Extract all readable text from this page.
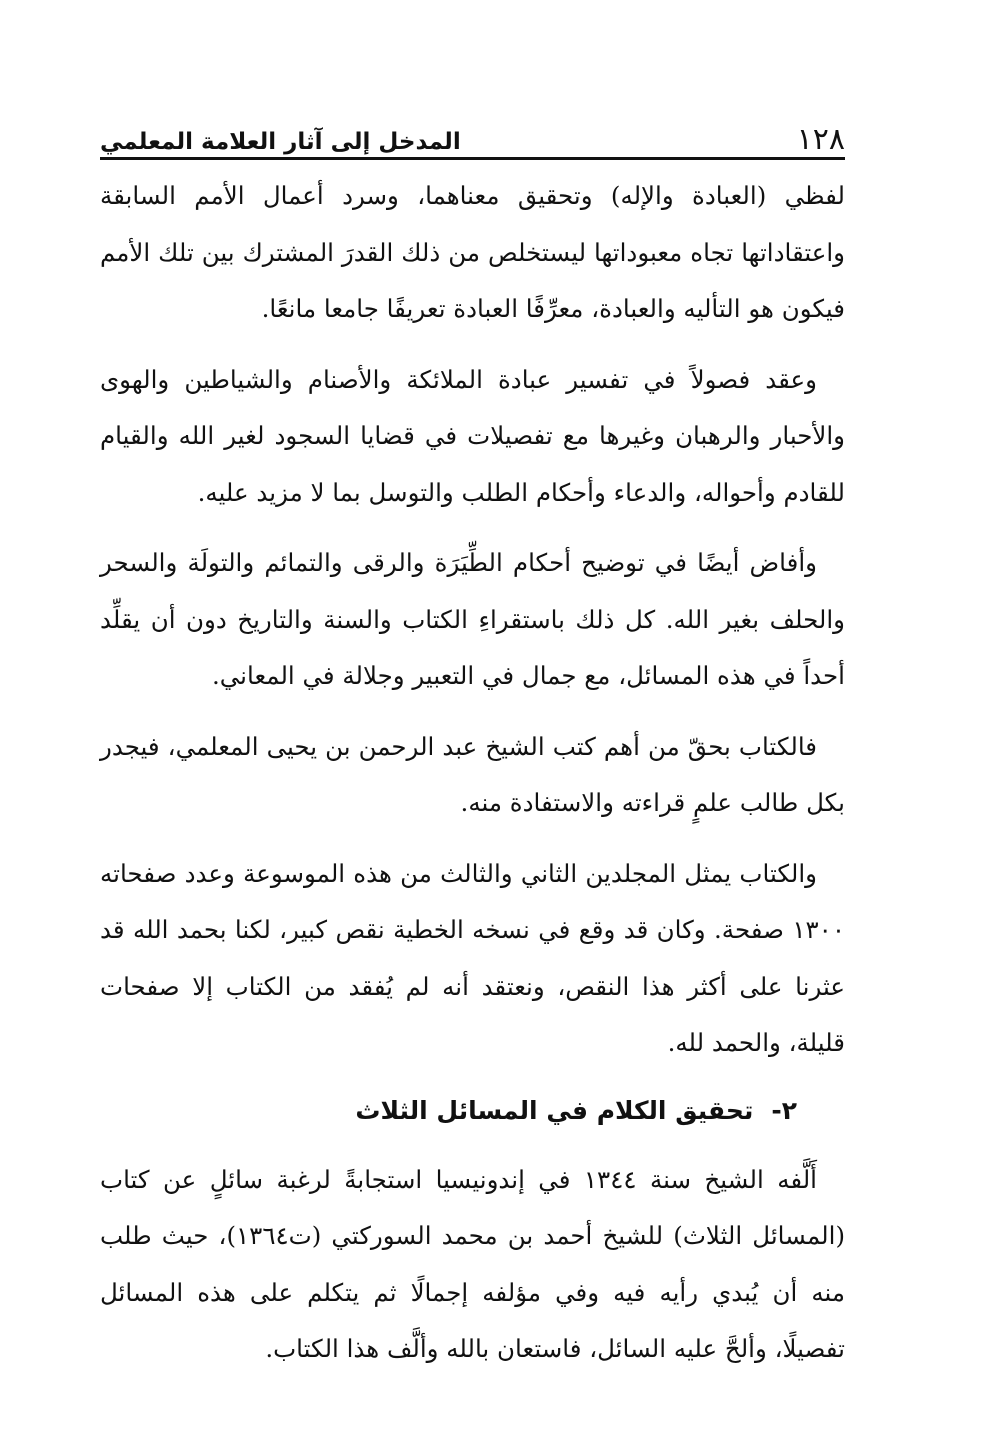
١٢٨
المدخل إلى آثار العلامة المعلمي

لفظي (العبادة والإله) وتحقيق معناهما، وسرد أعمال الأمم السابقة واعتقاداتها تجاه معبوداتها ليستخلص من ذلك القدرَ المشترك بين تلك الأمم فيكون هو التأليه والعبادة، معرِّفًا العبادة تعريفًا جامعا مانعًا.

وعقد فصولاً في تفسير عبادة الملائكة والأصنام والشياطين والهوى والأحبار والرهبان وغيرها مع تفصيلات في قضايا السجود لغير الله والقيام للقادم وأحواله، والدعاء وأحكام الطلب والتوسل بما لا مزيد عليه.

وأفاض أيضًا في توضيح أحكام الطِّيَرَة والرقى والتمائم والتولَة والسحر والحلف بغير الله. كل ذلك باستقراءِ الكتاب والسنة والتاريخ دون أن يقلِّد أحداً في هذه المسائل، مع جمال في التعبير وجلالة في المعاني.

فالكتاب بحقّ من أهم كتب الشيخ عبد الرحمن بن يحيى المعلمي، فيجدر بكل طالب علمٍ قراءته والاستفادة منه.

والكتاب يمثل المجلدين الثاني والثالث من هذه الموسوعة وعدد صفحاته ١٣٠٠ صفحة. وكان قد وقع في نسخه الخطية نقص كبير، لكنا بحمد الله قد عثرنا على أكثر هذا النقص، ونعتقد أنه لم يُفقد من الكتاب إلا صفحات قليلة، والحمد لله.

٢-
تحقيق الكلام في المسائل الثلاث

أَلَّفه الشيخ سنة ١٣٤٤ في إندونيسيا استجابةً لرغبة سائلٍ عن كتاب (المسائل الثلاث) للشيخ أحمد بن محمد السوركتي (ت١٣٦٤)، حيث طلب منه أن يُبدي رأيه فيه وفي مؤلفه إجمالًا ثم يتكلم على هذه المسائل تفصيلًا، وألحَّ عليه السائل، فاستعان بالله وألَّف هذا الكتاب.
